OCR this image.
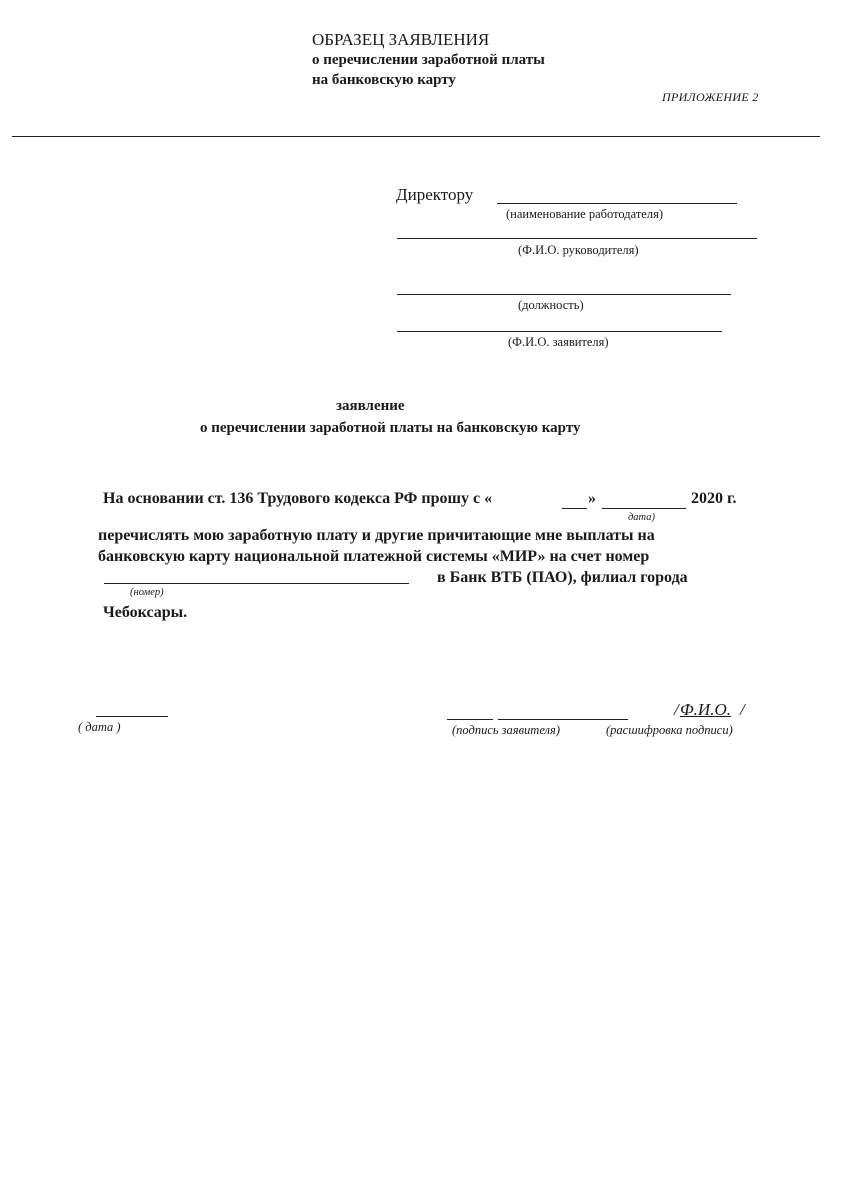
ОБРАЗЕЦ ЗАЯВЛЕНИЯ
о перечислении заработной платы
на банковскую карту
ПРИЛОЖЕНИЕ 2
Директору
(наименование работодателя)
(Ф.И.О. руководителя)
(должность)
(Ф.И.О. заявителя)
заявление
о перечислении заработной платы на банковскую карту
На основании ст. 136 Трудового кодекса РФ прошу с «	»	2020 г.
дата)
перечислять мою заработную плату и другие причитающие мне выплаты на
банковскую карту национальной платежной системы «МИР» на счет номер
в Банк ВТБ (ПАО), филиал города
(номер)
Чебоксары.
( дата )	(подпись заявителя)
/ Ф.И.О. /
(расшифровка подписи)
